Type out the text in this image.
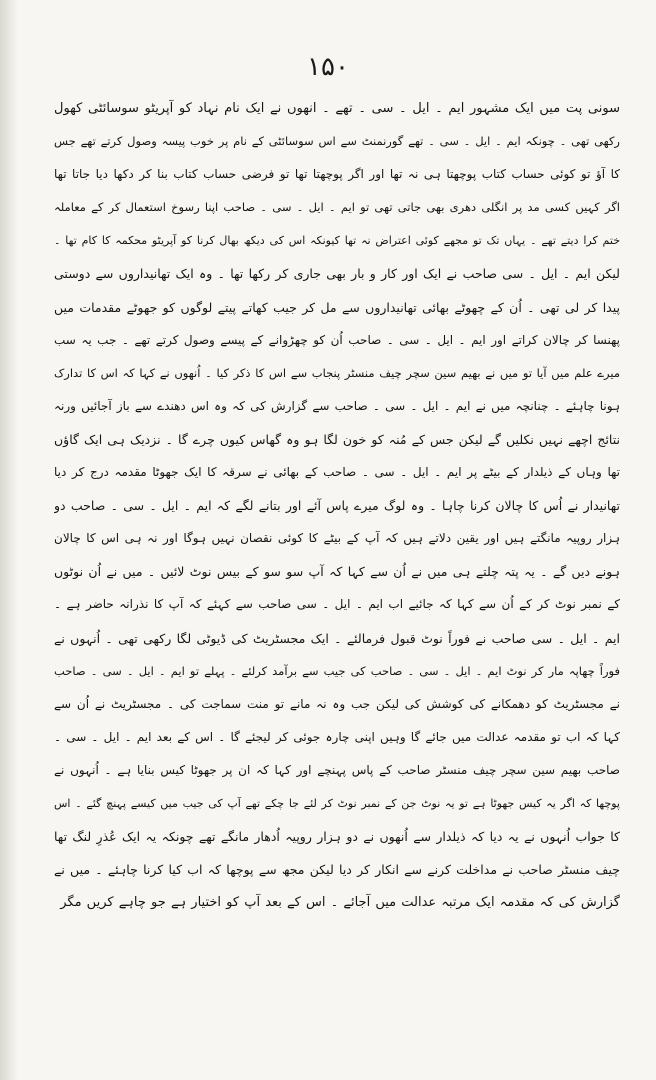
۱۵۰
سونی پت میں ایک مشہور ایم ۔ ایل ۔ سی ۔ تھے ۔ انھوں نے ایک نام نہاد کو آپریٹو سوسائٹی کھول
رکھی تھی ۔ چونکہ ایم ۔ ایل ۔ سی ۔ تھے گورنمنٹ سے اس سوسائٹی کے نام پر خوب پیسہ وصول کرتے تھے جس
کا آؤ تو کوئی حساب کتاب پوچھتا ہی نہ تھا اور اگر پوچھتا تھا تو فرضی حساب کتاب بنا کر دکھا دیا جاتا تھا
اگر کہیں کسی مد پر انگلی دھری بھی جاتی تھی تو ایم ۔ ایل ۔ سی ۔ صاحب اپنا رسوخ استعمال کر کے معاملہ
ختم کرا دیتے تھے ۔ یہاں تک تو مجھے کوئی اعتراض نہ تھا کیونکہ اس کی دیکھ بھال کرنا کو آپریٹو محکمہ کا کام تھا ۔
لیکن ایم ۔ ایل ۔ سی صاحب نے ایک اور کار و بار بھی جاری کر رکھا تھا ۔ وہ ایک تھانیداروں سے دوستی
پیدا کر لی تھی ۔ اُن کے چھوٹے بھائی تھانیداروں سے مل کر جیب کھاتے پیتے لوگوں کو جھوٹے مقدمات میں
پھنسا کر چالان کراتے اور ایم ۔ ایل ۔ سی ۔ صاحب اُن کو چھڑوانے کے پیسے وصول کرتے تھے ۔ جب یہ سب
میرے علم میں آیا تو میں نے بھیم سین سچر چیف منسٹر پنجاب سے اس کا ذکر کیا ۔ اُنھوں نے کہا کہ اس کا تدارک
ہونا چاہئے ۔ چنانچہ میں نے ایم ۔ ایل ۔ سی ۔ صاحب سے گزارش کی کہ وہ اس دھندے سے باز آجائیں ورنہ
نتائج اچھے نہیں نکلیں گے لیکن جس کے مُنہ کو خون لگا ہو وہ گھاس کیوں چرے گا ۔ نزدیک ہی ایک گاؤں
تھا وہاں کے ذیلدار کے بیٹے پر ایم ۔ ایل ۔ سی ۔ صاحب کے بھائی نے سرقہ کا ایک جھوٹا مقدمہ درج کر دیا
تھانیدار نے اُس کا چالان کرنا چاہا ۔ وہ لوگ میرے پاس آئے اور بتانے لگے کہ ایم ۔ ایل ۔ سی ۔ صاحب دو
ہزار روپیہ مانگتے ہیں اور یقین دلاتے ہیں کہ آپ کے بیٹے کا کوئی نقصان نہیں ہوگا اور نہ ہی اس کا چالان
ہونے دیں گے ۔ یہ پتہ چلتے ہی میں نے اُن سے کہا کہ آپ سو سو کے بیس نوٹ لائیں ۔ میں نے اُن نوٹوں
کے نمبر نوٹ کر کے اُن سے کہا کہ جائیے اب ایم ۔ ایل ۔ سی صاحب سے کہئے کہ آپ کا نذرانہ حاضر ہے ۔
ایم ۔ ایل ۔ سی صاحب نے فوراً نوٹ قبول فرمالئے ۔ ایک مجسٹریٹ کی ڈیوٹی لگا رکھی تھی ۔ اُنہوں نے
فوراً چھاپہ مار کر نوٹ ایم ۔ ایل ۔ سی ۔ صاحب کی جیب سے برآمد کرلئے ۔ پہلے تو ایم ۔ ایل ۔ سی ۔ صاحب
نے مجسٹریٹ کو دھمکانے کی کوشش کی لیکن جب وہ نہ مانے تو منت سماجت کی ۔ مجسٹریٹ نے اُن سے
کہا کہ اب تو مقدمہ عدالت میں جائے گا وہیں اپنی چارہ جوئی کر لیجئے گا ۔ اس کے بعد ایم ۔ ایل ۔ سی ۔
صاحب بھیم سین سچر چیف منسٹر صاحب کے پاس پہنچے اور کہا کہ ان پر جھوٹا کیس بنایا ہے ۔ اُنہوں نے
پوچھا کہ اگر یہ کیس جھوٹا ہے تو یہ نوٹ جن کے نمبر نوٹ کر لئے جا چکے تھے آپ کی جیب میں کیسے پہنچ گئے ۔ اس
کا جواب اُنہوں نے یہ دیا کہ ذیلدار سے اُنھوں نے دو ہزار روپیہ اُدھار مانگے تھے چونکہ یہ ایک عُذرِ لنگ تھا
چیف منسٹر صاحب نے مداخلت کرنے سے انکار کر دیا لیکن مجھ سے پوچھا کہ اب کیا کرنا چاہئے ۔ میں نے
گزارش کی کہ مقدمہ ایک مرتبہ عدالت میں آجائے ۔ اس کے بعد آپ کو اختیار ہے جو چاہے کریں مگر
